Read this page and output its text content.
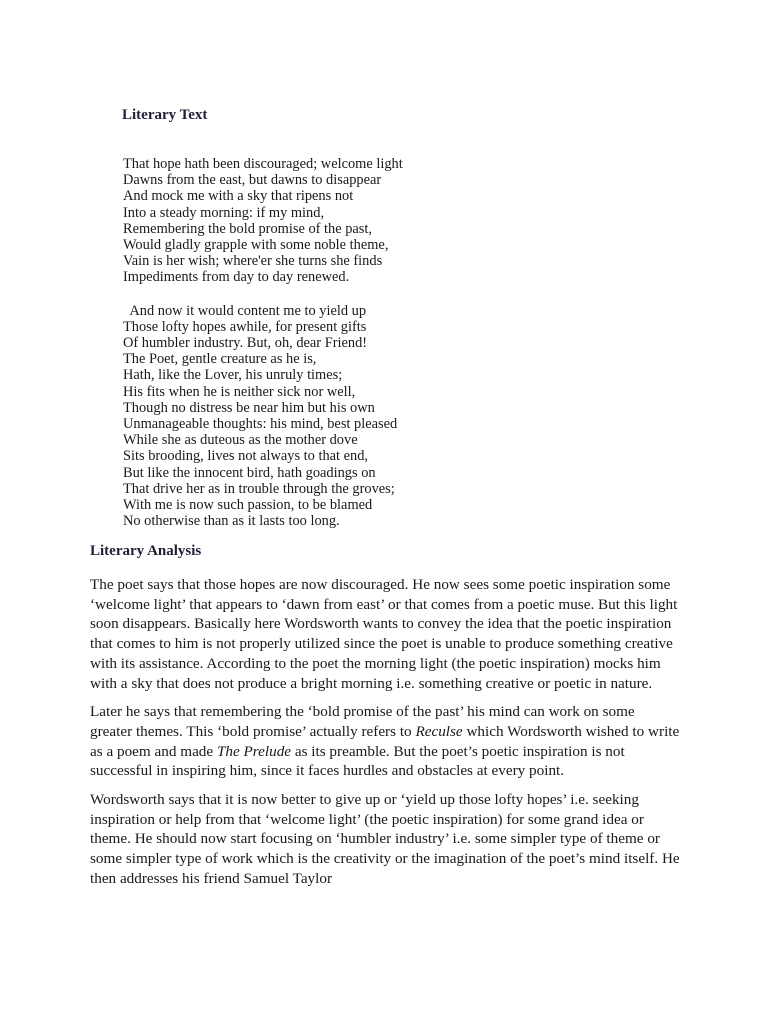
Literary Text
That hope hath been discouraged; welcome light
Dawns from the east, but dawns to disappear
And mock me with a sky that ripens not
Into a steady morning: if my mind,
Remembering the bold promise of the past,
Would gladly grapple with some noble theme,
Vain is her wish; where'er she turns she finds
Impediments from day to day renewed.
And now it would content me to yield up
Those lofty hopes awhile, for present gifts
Of humbler industry. But, oh, dear Friend!
The Poet, gentle creature as he is,
Hath, like the Lover, his unruly times;
His fits when he is neither sick nor well,
Though no distress be near him but his own
Unmanageable thoughts: his mind, best pleased
While she as duteous as the mother dove
Sits brooding, lives not always to that end,
But like the innocent bird, hath goadings on
That drive her as in trouble through the groves;
With me is now such passion, to be blamed
No otherwise than as it lasts too long.
Literary Analysis

The poet says that those hopes are now discouraged. He now sees some poetic inspiration some ‘welcome light’ that appears to ‘dawn from east’ or that comes from a poetic muse. But this light soon disappears. Basically here Wordsworth wants to convey the idea that the poetic inspiration that comes to him is not properly utilized since the poet is unable to produce something creative with its assistance. According to the poet the morning light (the poetic inspiration) mocks him with a sky that does not produce a bright morning i.e. something creative or poetic in nature.

Later he says that remembering the ‘bold promise of the past’ his mind can work on some greater themes. This ‘bold promise’ actually refers to Reculse which Wordsworth wished to write as a poem and made The Prelude as its preamble. But the poet’s poetic inspiration is not successful in inspiring him, since it faces hurdles and obstacles at every point.

Wordsworth says that it is now better to give up or ‘yield up those lofty hopes’ i.e. seeking inspiration or help from that ‘welcome light’ (the poetic inspiration) for some grand idea or theme. He should now start focusing on ‘humbler industry’ i.e. some simpler type of theme or some simpler type of work which is the creativity or the imagination of the poet’s mind itself. He then addresses his friend Samuel Taylor
